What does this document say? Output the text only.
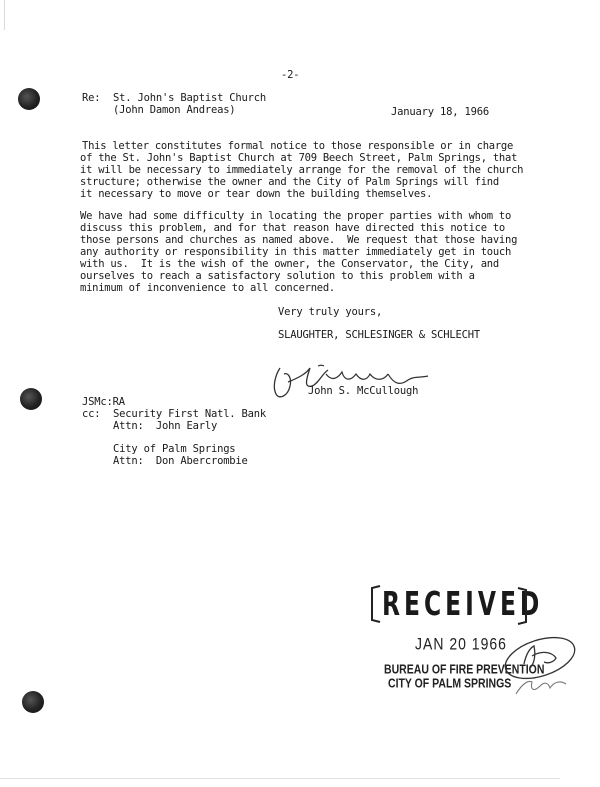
-2-
Re: St. John's Baptist Church
(John Damon Andreas)	January 18, 1966
This letter constitutes formal notice to those responsible or in charge
of the St. John's Baptist Church at 709 Beech Street, Palm Springs, that
it will be necessary to immediately arrange for the removal of the church
structure; otherwise the owner and the City of Palm Springs will find
it necessary to move or tear down the building themselves.
We have had some difficulty in locating the proper parties with whom to
discuss this problem, and for that reason have directed this notice to
those persons and churches as named above.  We request that those having
any authority or responsibility in this matter immediately get in touch
with us.  It is the wish of the owner, the Conservator, the City, and
ourselves to reach a satisfactory solution to this problem with a
minimum of inconvenience to all concerned.
Very truly yours,
SLAUGHTER, SCHLESINGER & SCHLECHT
John S. McCullough
JSMc:RA
cc: Security First Natl. Bank
Attn:  John Early
City of Palm Springs
Attn:  Don Abercrombie
RECEIVED
JAN 20 1966
BUREAU OF FIRE PREVENTION
CITY OF PALM SPRINGS
